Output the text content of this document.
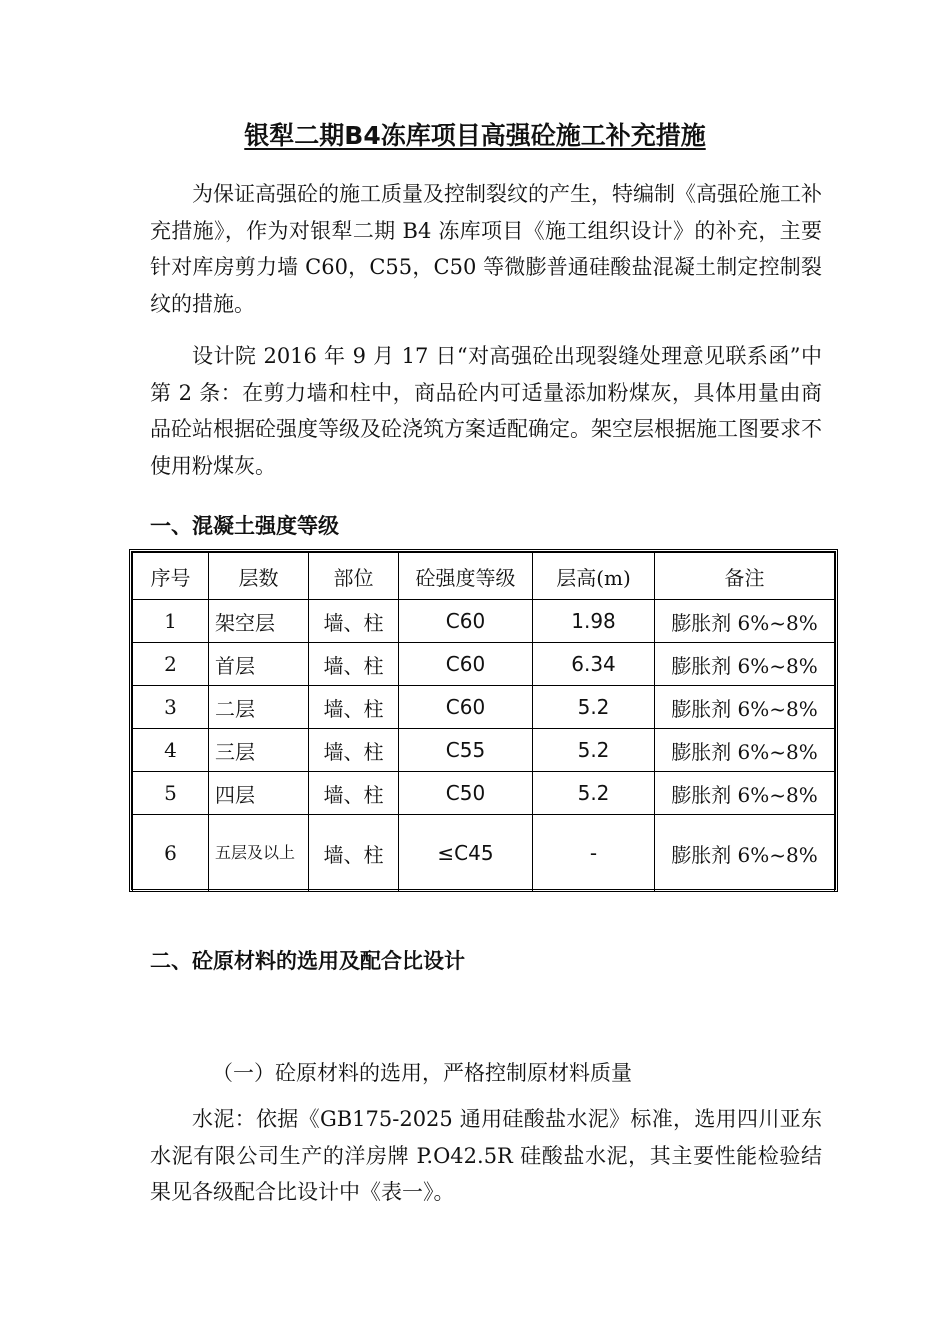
银犁二期B4冻库项目高强砼施工补充措施

为保证高强砼的施工质量及控制裂纹的产生，特编制《高强砼施工补充措施》，作为对银犁二期 B4 冻库项目《施工组织设计》的补充，主要针对库房剪力墙 C60，C55，C50 等微膨普通硅酸盐混凝土制定控制裂纹的措施。

设计院 2016 年 9 月 17 日“对高强砼出现裂缝处理意见联系函”中第 2 条：在剪力墙和柱中，商品砼内可适量添加粉煤灰，具体用量由商品砼站根据砼强度等级及砼浇筑方案适配确定。架空层根据施工图要求不使用粉煤灰。

一、混凝土强度等级
序号	层数	部位	砼强度等级	层高(m)	备注
1	架空层	墙、柱	C60	1.98	膨胀剂 6%~8%
2	首层	墙、柱	C60	6.34	膨胀剂 6%~8%
3	二层	墙、柱	C60	5.2	膨胀剂 6%~8%
4	三层	墙、柱	C55	5.2	膨胀剂 6%~8%
5	四层	墙、柱	C50	5.2	膨胀剂 6%~8%
6	五层及以上	墙、柱	≤C45	-	膨胀剂 6%~8%
二、砼原材料的选用及配合比设计

（一）砼原材料的选用，严格控制原材料质量

水泥：依据《GB175-2025 通用硅酸盐水泥》标准，选用四川亚东水泥有限公司生产的洋房牌 P.O42.5R 硅酸盐水泥，其主要性能检验结果见各级配合比设计中《表一》。
